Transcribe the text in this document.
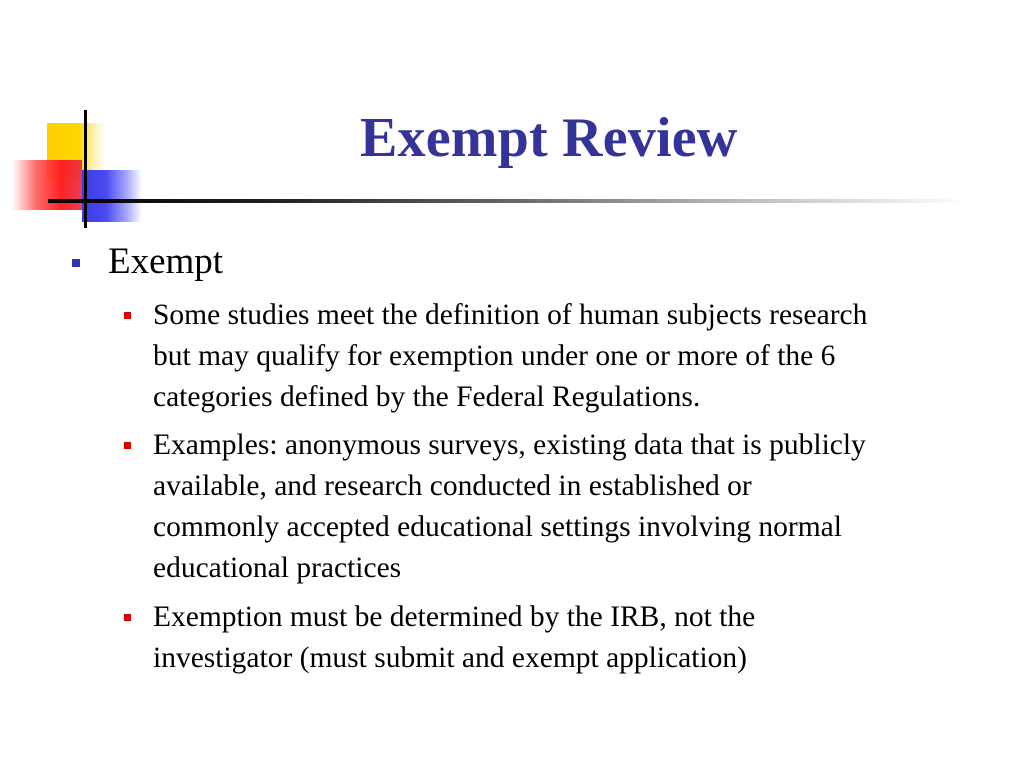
Exempt Review
Exempt
Some studies meet the definition of human subjects research
but may qualify for exemption under one or more of the 6
categories defined by the Federal Regulations.
Examples: anonymous surveys, existing data that is publicly
available, and research conducted in established or
commonly accepted educational settings involving normal
educational practices
Exemption must be determined by the IRB, not the
investigator (must submit and exempt application)
